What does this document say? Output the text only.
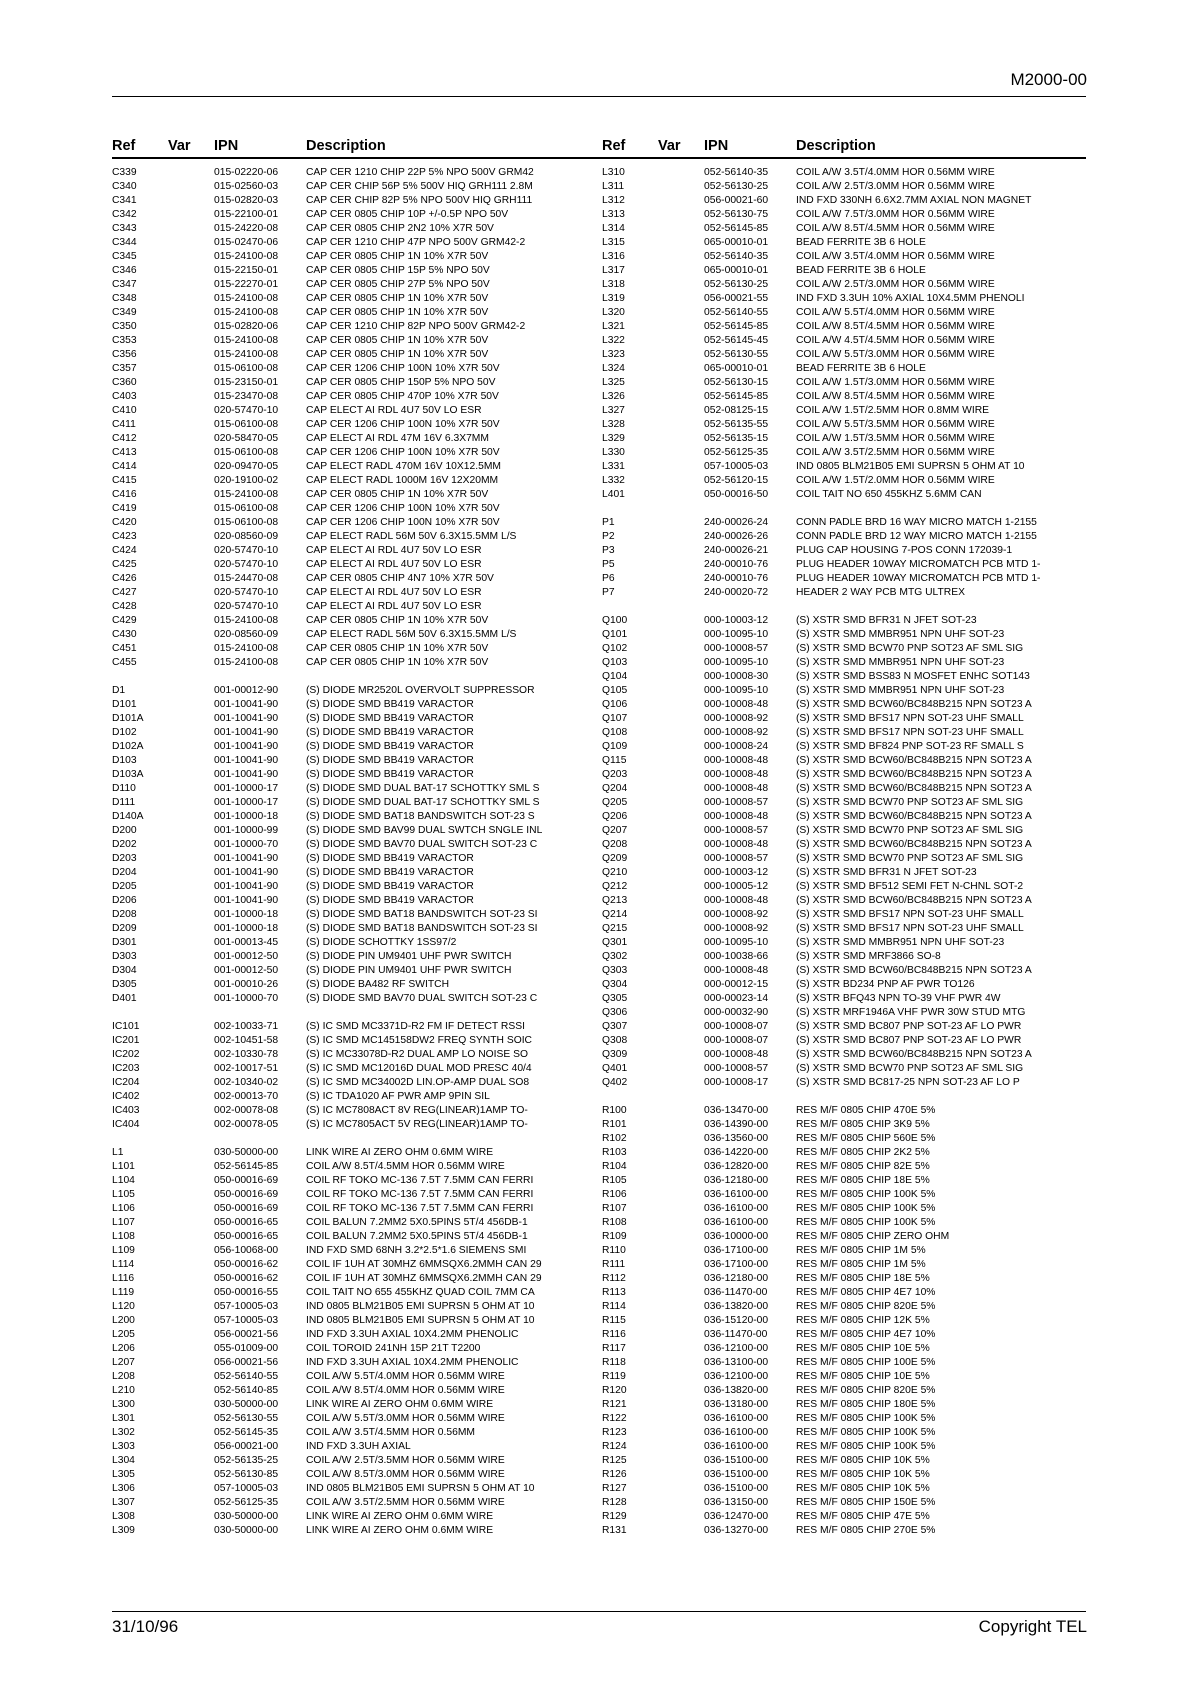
M2000-00
Ref Var IPN	Description
C339	015-02220-06	CAP CER 1210 CHIP 22P 5% NPO 500V GRM42
C340	015-02560-03	CAP CER CHIP 56P 5% 500V HIQ GRH111 2.8M
C341	015-02820-03	CAP CER CHIP 82P 5% NPO 500V HIQ GRH111
C342	015-22100-01	CAP CER 0805 CHIP 10P +/-0.5P NPO 50V
C343	015-24220-08	CAP CER 0805 CHIP 2N2 10% X7R 50V
C344	015-02470-06	CAP CER 1210 CHIP 47P NPO 500V GRM42-2
C345	015-24100-08	CAP CER 0805 CHIP 1N 10% X7R 50V
C346	015-22150-01	CAP CER 0805 CHIP 15P 5% NPO 50V
C347	015-22270-01	CAP CER 0805 CHIP 27P 5% NPO 50V
C348	015-24100-08	CAP CER 0805 CHIP 1N 10% X7R 50V
C349	015-24100-08	CAP CER 0805 CHIP 1N 10% X7R 50V
C350	015-02820-06	CAP CER 1210 CHIP 82P NPO 500V GRM42-2
C353	015-24100-08	CAP CER 0805 CHIP 1N 10% X7R 50V
C356	015-24100-08	CAP CER 0805 CHIP 1N 10% X7R 50V
C357	015-06100-08	CAP CER 1206 CHIP 100N 10% X7R 50V
C360	015-23150-01	CAP CER 0805 CHIP 150P 5% NPO 50V
C403	015-23470-08	CAP CER 0805 CHIP 470P 10% X7R 50V
C410	020-57470-10	CAP ELECT AI RDL 4U7 50V LO ESR
C411	015-06100-08	CAP CER 1206 CHIP 100N 10% X7R 50V
C412	020-58470-05	CAP ELECT AI RDL 47M 16V 6.3X7MM
C413	015-06100-08	CAP CER 1206 CHIP 100N 10% X7R 50V
C414	020-09470-05	CAP ELECT RADL 470M 16V 10X12.5MM
C415	020-19100-02	CAP ELECT RADL 1000M 16V 12X20MM
C416	015-24100-08	CAP CER 0805 CHIP 1N 10% X7R 50V
C419	015-06100-08	CAP CER 1206 CHIP 100N 10% X7R 50V
C420	015-06100-08	CAP CER 1206 CHIP 100N 10% X7R 50V
C423	020-08560-09	CAP ELECT RADL 56M 50V 6.3X15.5MM L/S
C424	020-57470-10	CAP ELECT AI RDL 4U7 50V LO ESR
C425	020-57470-10	CAP ELECT AI RDL 4U7 50V LO ESR
C426	015-24470-08	CAP CER 0805 CHIP 4N7 10% X7R 50V
C427	020-57470-10	CAP ELECT AI RDL 4U7 50V LO ESR
C428	020-57470-10	CAP ELECT AI RDL 4U7 50V LO ESR
C429	015-24100-08	CAP CER 0805 CHIP 1N 10% X7R 50V
C430	020-08560-09	CAP ELECT RADL 56M 50V 6.3X15.5MM L/S
C451	015-24100-08	CAP CER 0805 CHIP 1N 10% X7R 50V
C455	015-24100-08	CAP CER 0805 CHIP 1N 10% X7R 50V
D1	001-00012-90	(S) DIODE MR2520L OVERVOLT SUPPRESSOR
D101	001-10041-90	(S) DIODE SMD BB419 VARACTOR
D101A	001-10041-90	(S) DIODE SMD BB419 VARACTOR
D102	001-10041-90	(S) DIODE SMD BB419 VARACTOR
D102A	001-10041-90	(S) DIODE SMD BB419 VARACTOR
D103	001-10041-90	(S) DIODE SMD BB419 VARACTOR
D103A	001-10041-90	(S) DIODE SMD BB419 VARACTOR
D110	001-10000-17	(S) DIODE SMD DUAL BAT-17 SCHOTTKY SML S
D111	001-10000-17	(S) DIODE SMD DUAL BAT-17 SCHOTTKY SML S
D140A	001-10000-18	(S) DIODE SMD BAT18 BANDSWITCH SOT-23 S
D200	001-10000-99	(S) DIODE SMD BAV99 DUAL SWTCH SNGLE INL
D202	001-10000-70	(S) DIODE SMD BAV70 DUAL SWITCH SOT-23 C
D203	001-10041-90	(S) DIODE SMD BB419 VARACTOR
D204	001-10041-90	(S) DIODE SMD BB419 VARACTOR
D205	001-10041-90	(S) DIODE SMD BB419 VARACTOR
D206	001-10041-90	(S) DIODE SMD BB419 VARACTOR
D208	001-10000-18	(S) DIODE SMD BAT18 BANDSWITCH SOT-23 SI
D209	001-10000-18	(S) DIODE SMD BAT18 BANDSWITCH SOT-23 SI
D301	001-00013-45	(S) DIODE SCHOTTKY 1SS97/2
D303	001-00012-50	(S) DIODE PIN UM9401 UHF PWR SWITCH
D304	001-00012-50	(S) DIODE PIN UM9401 UHF PWR SWITCH
D305	001-00010-26	(S) DIODE BA482 RF SWITCH
D401	001-10000-70	(S) DIODE SMD BAV70 DUAL SWITCH SOT-23 C
IC101	002-10033-71	(S) IC SMD MC3371D-R2 FM IF DETECT RSSI
IC201	002-10451-58	(S) IC SMD MC145158DW2 FREQ SYNTH SOIC
IC202	002-10330-78	(S) IC MC33078D-R2 DUAL AMP LO NOISE SO
IC203	002-10017-51	(S) IC SMD MC12016D DUAL MOD PRESC 40/4
IC204	002-10340-02	(S) IC SMD MC34002D LIN.OP-AMP DUAL SO8
IC402	002-00013-70	(S) IC TDA1020 AF PWR AMP 9PIN SIL
IC403	002-00078-08	(S) IC MC7808ACT 8V REG(LINEAR)1AMP TO-
IC404	002-00078-05	(S) IC MC7805ACT 5V REG(LINEAR)1AMP TO-
L1	030-50000-00	LINK WIRE AI ZERO OHM 0.6MM WIRE
L101	052-56145-85	COIL A/W 8.5T/4.5MM HOR 0.56MM WIRE
L104	050-00016-69	COIL RF TOKO MC-136 7.5T 7.5MM CAN FERRI
L105	050-00016-69	COIL RF TOKO MC-136 7.5T 7.5MM CAN FERRI
L106	050-00016-69	COIL RF TOKO MC-136 7.5T 7.5MM CAN FERRI
L107	050-00016-65	COIL BALUN 7.2MM2 5X0.5PINS 5T/4 456DB-1
L108	050-00016-65	COIL BALUN 7.2MM2 5X0.5PINS 5T/4 456DB-1
L109	056-10068-00	IND FXD SMD 68NH 3.2*2.5*1.6 SIEMENS SMI
L114	050-00016-62	COIL IF 1UH AT 30MHZ 6MMSQX6.2MMH CAN 29
L116	050-00016-62	COIL IF 1UH AT 30MHZ 6MMSQX6.2MMH CAN 29
L119	050-00016-55	COIL TAIT NO 655 455KHZ QUAD COIL 7MM CA
L120	057-10005-03	IND 0805 BLM21B05 EMI SUPRSN 5 OHM AT 10
L200	057-10005-03	IND 0805 BLM21B05 EMI SUPRSN 5 OHM AT 10
L205	056-00021-56	IND FXD 3.3UH AXIAL 10X4.2MM PHENOLIC
L206	055-01009-00	COIL TOROID 241NH 15P 21T T2200
L207	056-00021-56	IND FXD 3.3UH AXIAL 10X4.2MM PHENOLIC
L208	052-56140-55	COIL A/W 5.5T/4.0MM HOR 0.56MM WIRE
L210	052-56140-85	COIL A/W 8.5T/4.0MM HOR 0.56MM WIRE
L300	030-50000-00	LINK WIRE AI ZERO OHM 0.6MM WIRE
L301	052-56130-55	COIL A/W 5.5T/3.0MM HOR 0.56MM WIRE
L302	052-56145-35	COIL A/W 3.5T/4.5MM HOR 0.56MM
L303	056-00021-00	IND FXD 3.3UH AXIAL
L304	052-56135-25	COIL A/W 2.5T/3.5MM HOR 0.56MM WIRE
L305	052-56130-85	COIL A/W 8.5T/3.0MM HOR 0.56MM WIRE
L306	057-10005-03	IND 0805 BLM21B05 EMI SUPRSN 5 OHM AT 10
L307	052-56125-35	COIL A/W 3.5T/2.5MM HOR 0.56MM WIRE
L308	030-50000-00	LINK WIRE AI ZERO OHM 0.6MM WIRE
L309	030-50000-00	LINK WIRE AI ZERO OHM 0.6MM WIRE
Ref Var IPN	Description
L310	052-56140-35	COIL A/W 3.5T/4.0MM HOR 0.56MM WIRE
L311	052-56130-25	COIL A/W 2.5T/3.0MM HOR 0.56MM WIRE
L312	056-00021-60	IND FXD 330NH 6.6X2.7MM AXIAL NON MAGNET
L313	052-56130-75	COIL A/W 7.5T/3.0MM HOR 0.56MM WIRE
L314	052-56145-85	COIL A/W 8.5T/4.5MM HOR 0.56MM WIRE
L315	065-00010-01	BEAD FERRITE 3B 6 HOLE
L316	052-56140-35	COIL A/W 3.5T/4.0MM HOR 0.56MM WIRE
L317	065-00010-01	BEAD FERRITE 3B 6 HOLE
L318	052-56130-25	COIL A/W 2.5T/3.0MM HOR 0.56MM WIRE
L319	056-00021-55	IND FXD 3.3UH 10% AXIAL 10X4.5MM PHENOLI
L320	052-56140-55	COIL A/W 5.5T/4.0MM HOR 0.56MM WIRE
L321	052-56145-85	COIL A/W 8.5T/4.5MM HOR 0.56MM WIRE
L322	052-56145-45	COIL A/W 4.5T/4.5MM HOR 0.56MM WIRE
L323	052-56130-55	COIL A/W 5.5T/3.0MM HOR 0.56MM WIRE
L324	065-00010-01	BEAD FERRITE 3B 6 HOLE
L325	052-56130-15	COIL A/W 1.5T/3.0MM HOR 0.56MM WIRE
L326	052-56145-85	COIL A/W 8.5T/4.5MM HOR 0.56MM WIRE
L327	052-08125-15	COIL A/W 1.5T/2.5MM HOR 0.8MM WIRE
L328	052-56135-55	COIL A/W 5.5T/3.5MM HOR 0.56MM WIRE
L329	052-56135-15	COIL A/W 1.5T/3.5MM HOR 0.56MM WIRE
L330	052-56125-35	COIL A/W 3.5T/2.5MM HOR 0.56MM WIRE
L331	057-10005-03	IND 0805 BLM21B05 EMI SUPRSN 5 OHM AT 10
L332	052-56120-15	COIL A/W 1.5T/2.0MM HOR 0.56MM WIRE
L401	050-00016-50	COIL TAIT NO 650 455KHZ 5.6MM CAN
P1	240-00026-24	CONN PADLE BRD 16 WAY MICRO MATCH 1-2155
P2	240-00026-26	CONN PADLE BRD 12 WAY MICRO MATCH 1-2155
P3	240-00026-21	PLUG CAP HOUSING 7-POS CONN 172039-1
P5	240-00010-76	PLUG HEADER 10WAY MICROMATCH PCB MTD 1-
P6	240-00010-76	PLUG HEADER 10WAY MICROMATCH PCB MTD 1-
P7	240-00020-72	HEADER 2 WAY PCB MTG ULTREX
Q100	000-10003-12	(S) XSTR SMD BFR31 N JFET SOT-23
Q101	000-10095-10	(S) XSTR SMD MMBR951 NPN UHF SOT-23
Q102	000-10008-57	(S) XSTR SMD BCW70 PNP SOT23 AF SML SIG
Q103	000-10095-10	(S) XSTR SMD MMBR951 NPN UHF SOT-23
Q104	000-10008-30	(S) XSTR SMD BSS83 N MOSFET ENHC SOT143
Q105	000-10095-10	(S) XSTR SMD MMBR951 NPN UHF SOT-23
Q106	000-10008-48	(S) XSTR SMD BCW60/BC848B215 NPN SOT23 A
Q107	000-10008-92	(S) XSTR SMD BFS17 NPN SOT-23 UHF SMALL
Q108	000-10008-92	(S) XSTR SMD BFS17 NPN SOT-23 UHF SMALL
Q109	000-10008-24	(S) XSTR SMD BF824 PNP SOT-23 RF SMALL S
Q115	000-10008-48	(S) XSTR SMD BCW60/BC848B215 NPN SOT23 A
Q203	000-10008-48	(S) XSTR SMD BCW60/BC848B215 NPN SOT23 A
Q204	000-10008-48	(S) XSTR SMD BCW60/BC848B215 NPN SOT23 A
Q205	000-10008-57	(S) XSTR SMD BCW70 PNP SOT23 AF SML SIG
Q206	000-10008-48	(S) XSTR SMD BCW60/BC848B215 NPN SOT23 A
Q207	000-10008-57	(S) XSTR SMD BCW70 PNP SOT23 AF SML SIG
Q208	000-10008-48	(S) XSTR SMD BCW60/BC848B215 NPN SOT23 A
Q209	000-10008-57	(S) XSTR SMD BCW70 PNP SOT23 AF SML SIG
Q210	000-10003-12	(S) XSTR SMD BFR31 N JFET SOT-23
Q212	000-10005-12	(S) XSTR SMD BF512 SEMI FET N-CHNL SOT-2
Q213	000-10008-48	(S) XSTR SMD BCW60/BC848B215 NPN SOT23 A
Q214	000-10008-92	(S) XSTR SMD BFS17 NPN SOT-23 UHF SMALL
Q215	000-10008-92	(S) XSTR SMD BFS17 NPN SOT-23 UHF SMALL
Q301	000-10095-10	(S) XSTR SMD MMBR951 NPN UHF SOT-23
Q302	000-10038-66	(S) XSTR SMD MRF3866 SO-8
Q303	000-10008-48	(S) XSTR SMD BCW60/BC848B215 NPN SOT23 A
Q304	000-00012-15	(S) XSTR BD234 PNP AF PWR TO126
Q305	000-00023-14	(S) XSTR BFQ43 NPN TO-39 VHF PWR 4W
Q306	000-00032-90	(S) XSTR MRF1946A VHF PWR 30W STUD MTG
Q307	000-10008-07	(S) XSTR SMD BC807 PNP SOT-23 AF LO PWR
Q308	000-10008-07	(S) XSTR SMD BC807 PNP SOT-23 AF LO PWR
Q309	000-10008-48	(S) XSTR SMD BCW60/BC848B215 NPN SOT23 A
Q401	000-10008-57	(S) XSTR SMD BCW70 PNP SOT23 AF SML SIG
Q402	000-10008-17	(S) XSTR SMD BC817-25 NPN SOT-23 AF LO P
R100	036-13470-00	RES M/F 0805 CHIP 470E 5%
R101	036-14390-00	RES M/F 0805 CHIP 3K9 5%
R102	036-13560-00	RES M/F 0805 CHIP 560E 5%
R103	036-14220-00	RES M/F 0805 CHIP 2K2 5%
R104	036-12820-00	RES M/F 0805 CHIP 82E 5%
R105	036-12180-00	RES M/F 0805 CHIP 18E 5%
R106	036-16100-00	RES M/F 0805 CHIP 100K 5%
R107	036-16100-00	RES M/F 0805 CHIP 100K 5%
R108	036-16100-00	RES M/F 0805 CHIP 100K 5%
R109	036-10000-00	RES M/F 0805 CHIP ZERO OHM
R110	036-17100-00	RES M/F 0805 CHIP 1M 5%
R111	036-17100-00	RES M/F 0805 CHIP 1M 5%
R112	036-12180-00	RES M/F 0805 CHIP 18E 5%
R113	036-11470-00	RES M/F 0805 CHIP 4E7 10%
R114	036-13820-00	RES M/F 0805 CHIP 820E 5%
R115	036-15120-00	RES M/F 0805 CHIP 12K 5%
R116	036-11470-00	RES M/F 0805 CHIP 4E7 10%
R117	036-12100-00	RES M/F 0805 CHIP 10E 5%
R118	036-13100-00	RES M/F 0805 CHIP 100E 5%
R119	036-12100-00	RES M/F 0805 CHIP 10E 5%
R120	036-13820-00	RES M/F 0805 CHIP 820E 5%
R121	036-13180-00	RES M/F 0805 CHIP 180E 5%
R122	036-16100-00	RES M/F 0805 CHIP 100K 5%
R123	036-16100-00	RES M/F 0805 CHIP 100K 5%
R124	036-16100-00	RES M/F 0805 CHIP 100K 5%
R125	036-15100-00	RES M/F 0805 CHIP 10K 5%
R126	036-15100-00	RES M/F 0805 CHIP 10K 5%
R127	036-15100-00	RES M/F 0805 CHIP 10K 5%
R128	036-13150-00	RES M/F 0805 CHIP 150E 5%
R129	036-12470-00	RES M/F 0805 CHIP 47E 5%
R131	036-13270-00	RES M/F 0805 CHIP 270E 5%
31/10/96	Copyright TEL
